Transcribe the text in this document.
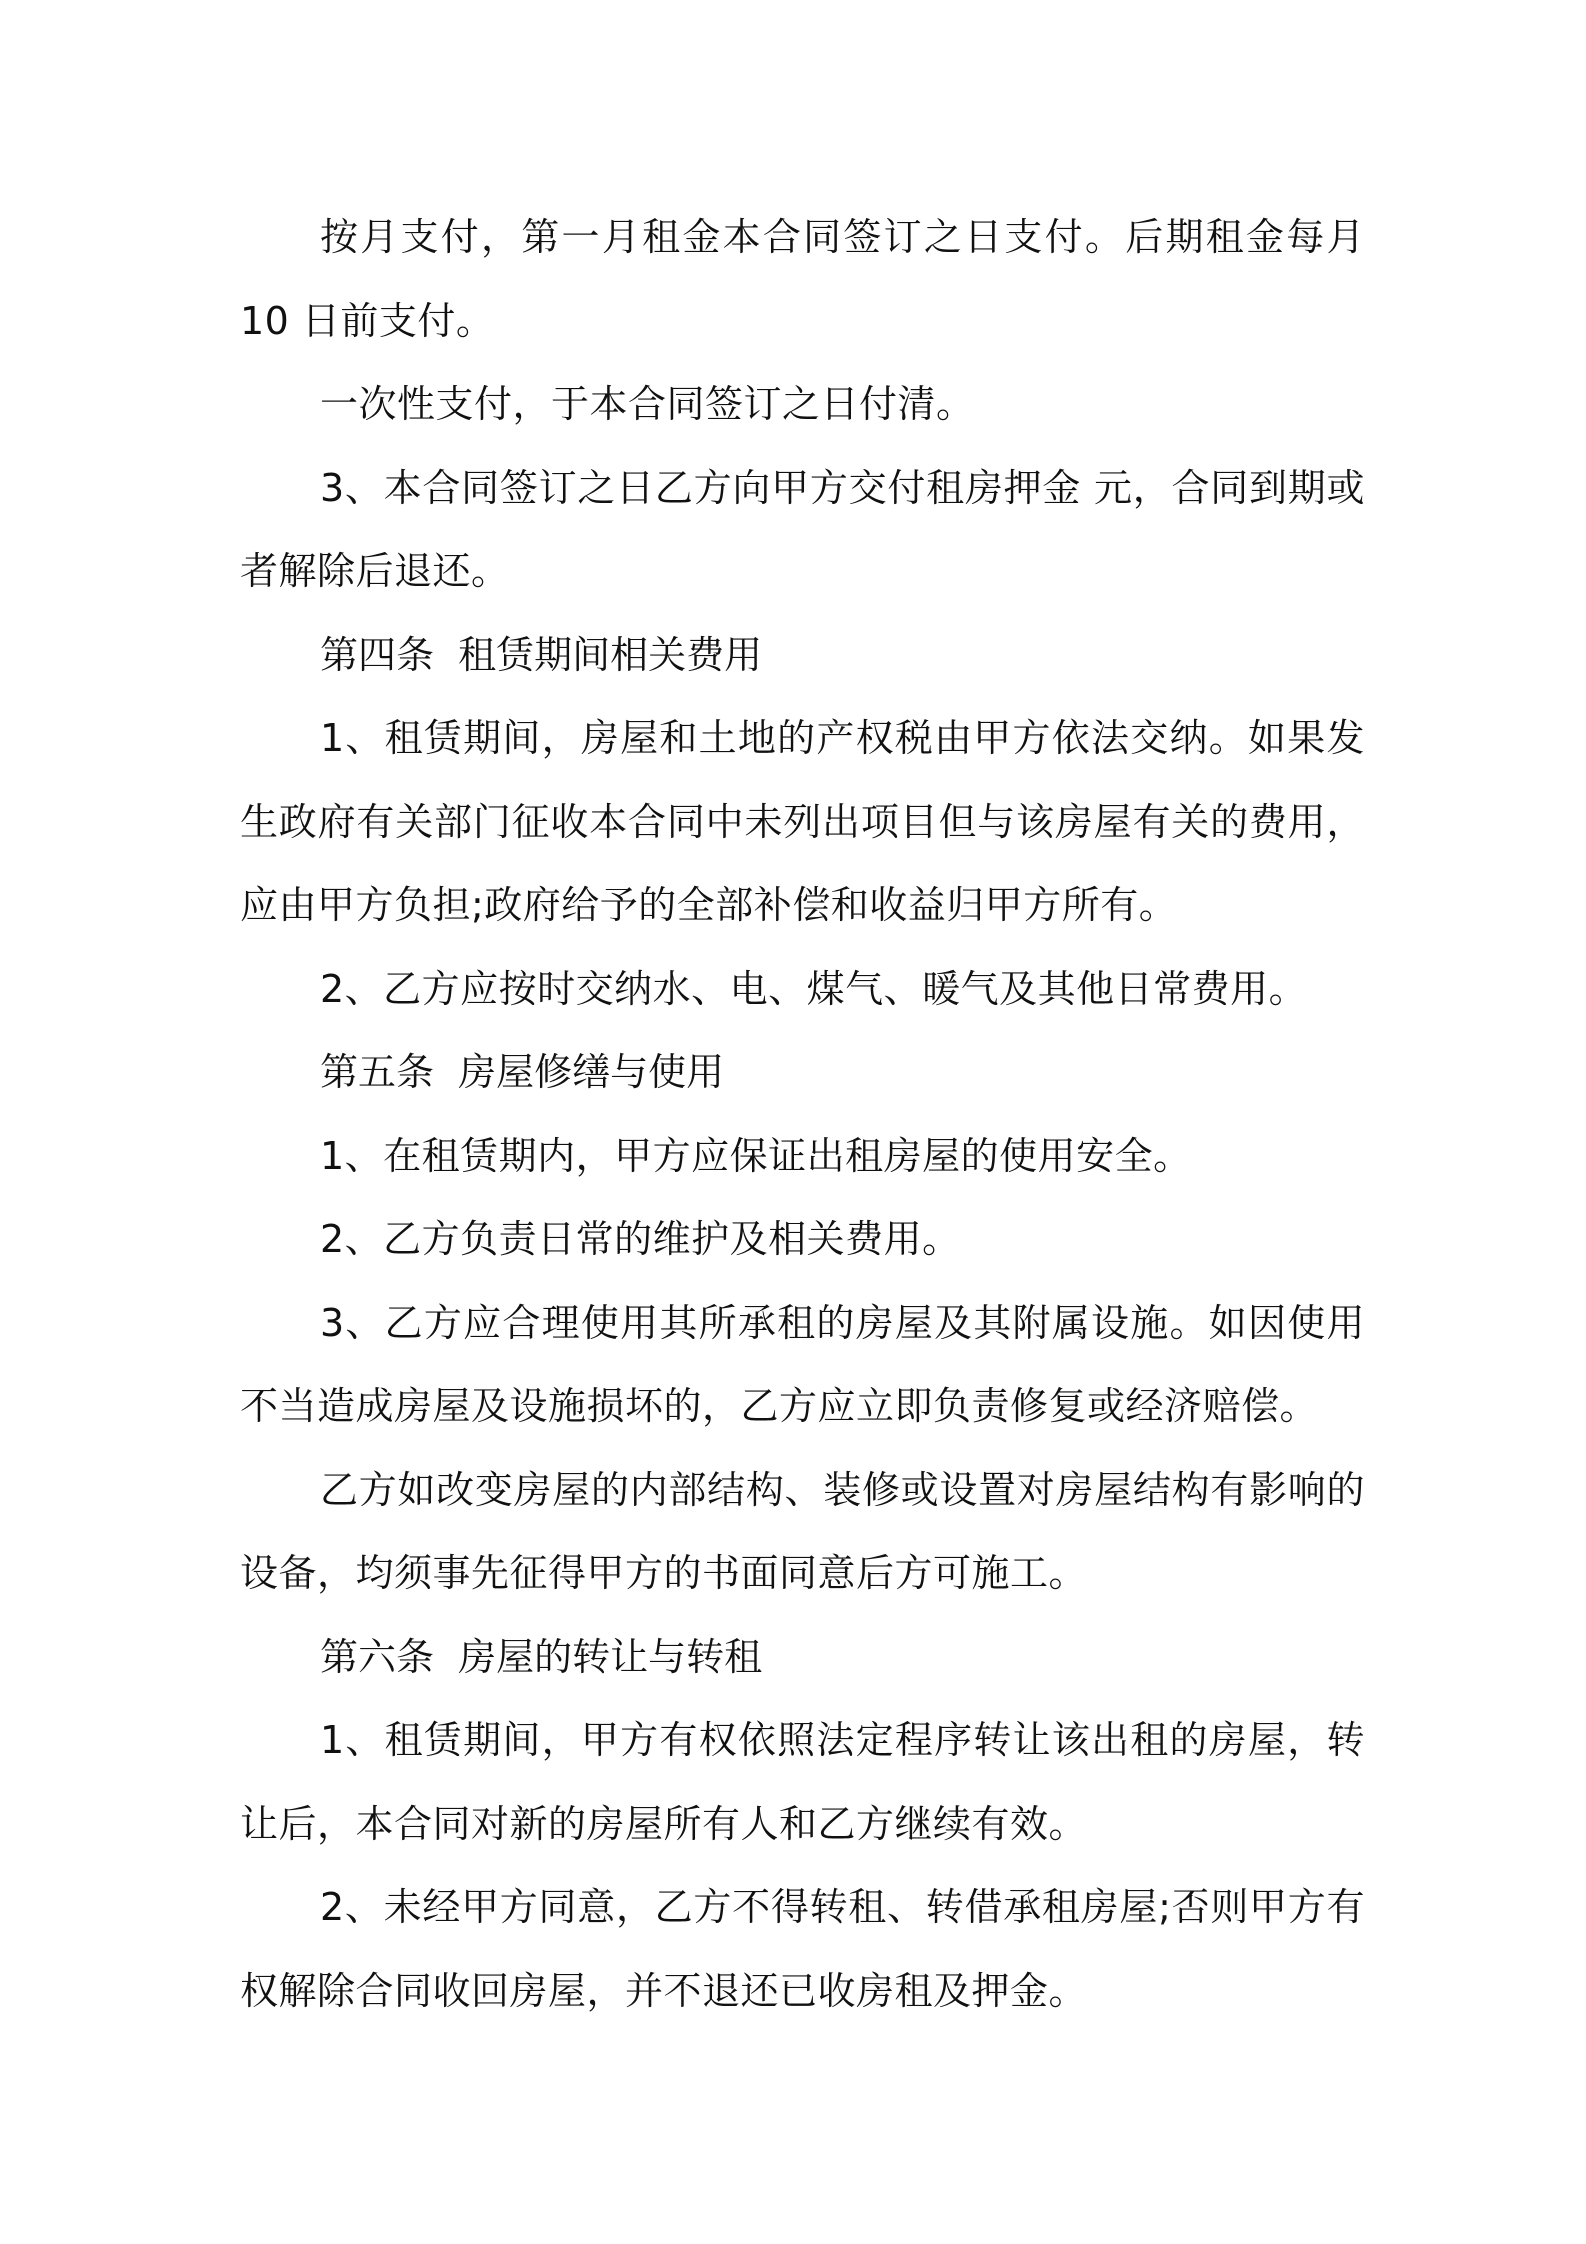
按月支付，第一月租金本合同签订之日支付。后期租金每月10 日前支付。

一次性支付，于本合同签订之日付清。

3、本合同签订之日乙方向甲方交付租房押金 元，合同到期或者解除后退还。

第四条  租赁期间相关费用

1、租赁期间，房屋和土地的产权税由甲方依法交纳。如果发生政府有关部门征收本合同中未列出项目但与该房屋有关的费用，应由甲方负担;政府给予的全部补偿和收益归甲方所有。

2、乙方应按时交纳水、电、煤气、暖气及其他日常费用。

第五条  房屋修缮与使用

1、在租赁期内，甲方应保证出租房屋的使用安全。

2、乙方负责日常的维护及相关费用。

3、乙方应合理使用其所承租的房屋及其附属设施。如因使用不当造成房屋及设施损坏的，乙方应立即负责修复或经济赔偿。

乙方如改变房屋的内部结构、装修或设置对房屋结构有影响的设备，均须事先征得甲方的书面同意后方可施工。

第六条  房屋的转让与转租

1、租赁期间，甲方有权依照法定程序转让该出租的房屋，转让后，本合同对新的房屋所有人和乙方继续有效。

2、未经甲方同意，乙方不得转租、转借承租房屋;否则甲方有权解除合同收回房屋，并不退还已收房租及押金。
